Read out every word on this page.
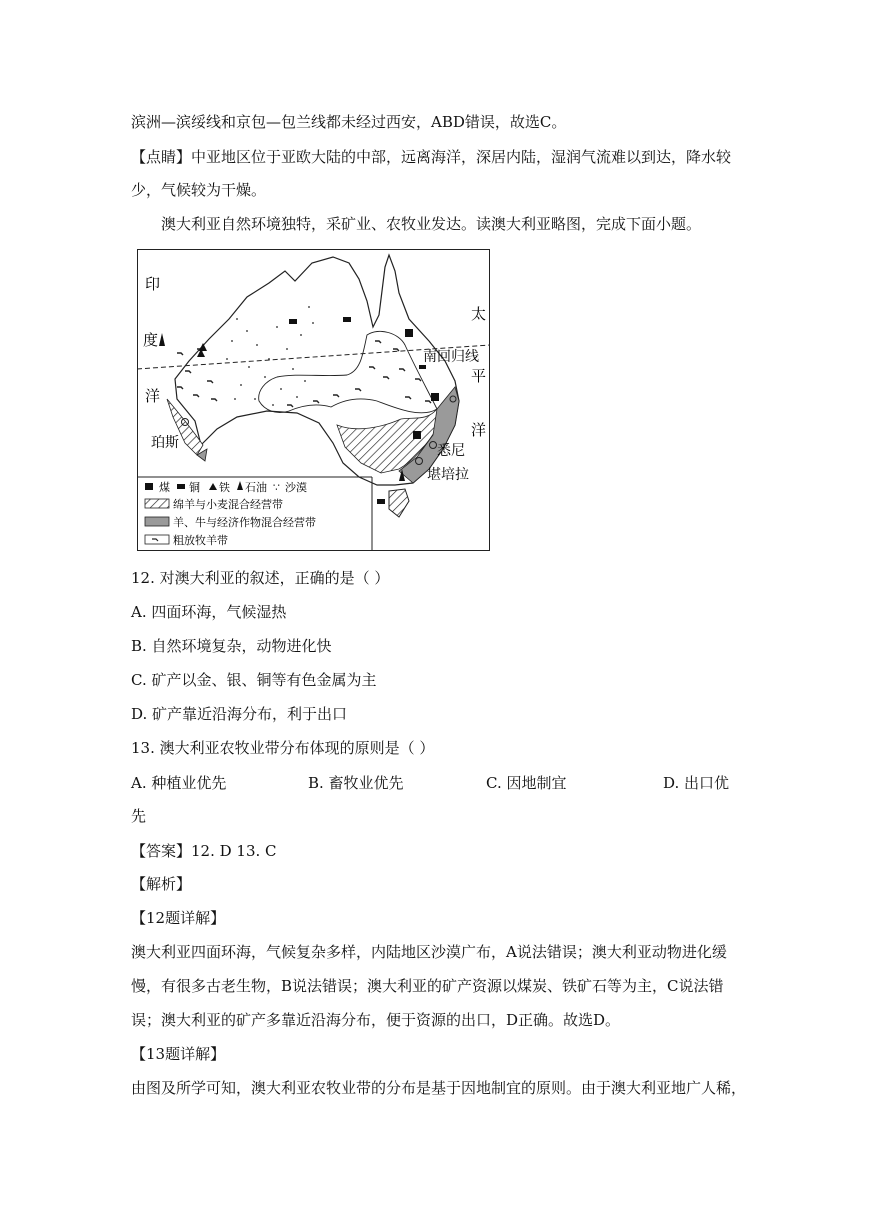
滨洲—滨绥线和京包—包兰线都未经过西安，ABD错误，故选C。
【点睛】中亚地区位于亚欧大陆的中部，远离海洋，深居内陆，湿润气流难以到达，降水较
少，气候较为干燥。
澳大利亚自然环境独特，采矿业、农牧业发达。读澳大利亚略图，完成下面小题。
印
度
洋
太
平
洋
南回归线
珀斯	悉尼
堪培拉
煤 铜 铁 石油 ∵ 沙漠
绵羊与小麦混合经营带
羊、牛与经济作物混合经营带
粗放牧羊带
12. 对澳大利亚的叙述，正确的是（ ）
A. 四面环海，气候湿热
B. 自然环境复杂，动物进化快
C. 矿产以金、银、铜等有色金属为主
D. 矿产靠近沿海分布，利于出口
13. 澳大利亚农牧业带分布体现的原则是（ ）
A. 种植业优先	B. 畜牧业优先	C. 因地制宜	D. 出口优
先
【答案】12. D 13. C
【解析】
【12题详解】
澳大利亚四面环海，气候复杂多样，内陆地区沙漠广布，A说法错误；澳大利亚动物进化缓
慢，有很多古老生物，B说法错误；澳大利亚的矿产资源以煤炭、铁矿石等为主，C说法错
误；澳大利亚的矿产多靠近沿海分布，便于资源的出口，D正确。故选D。
【13题详解】
由图及所学可知，澳大利亚农牧业带的分布是基于因地制宜的原则。由于澳大利亚地广人稀，
